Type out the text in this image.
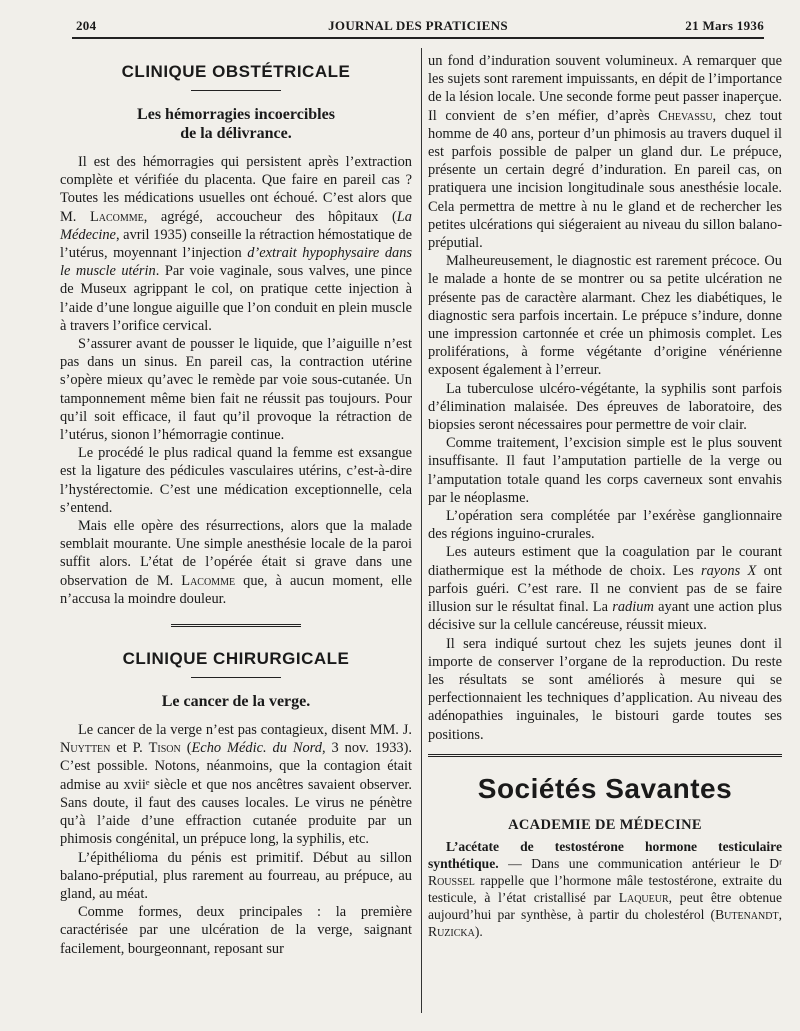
204	JOURNAL DES PRATICIENS	21 Mars 1936
CLINIQUE OBSTÉTRICALE
Les hémorragies incoercibles
de la délivrance.

Il est des hémorragies qui persistent après l’extraction complète et vérifiée du placenta. Que faire en pareil cas ? Toutes les médications usuelles ont échoué. C’est alors que M. Lacomme, agrégé, accoucheur des hôpitaux (La Médecine, avril 1935) conseille la rétraction hémostatique de l’utérus, moyennant l’injection d’extrait hypophysaire dans le muscle utérin. Par voie vaginale, sous valves, une pince de Museux agrippant le col, on pratique cette injection à l’aide d’une longue aiguille que l’on conduit en plein muscle à travers l’orifice cervical.

S’assurer avant de pousser le liquide, que l’aiguille n’est pas dans un sinus. En pareil cas, la contraction utérine s’opère mieux qu’avec le remède par voie sous-cutanée. Un tamponnement même bien fait ne réussit pas toujours. Pour qu’il soit efficace, il faut qu’il provoque la rétraction de l’utérus, sionon l’hémorragie continue.

Le procédé le plus radical quand la femme est exsangue est la ligature des pédicules vasculaires utérins, c’est-à-dire l’hystérectomie. C’est une médication exceptionnelle, cela s’entend.

Mais elle opère des résurrections, alors que la malade semblait mourante. Une simple anesthésie locale de la paroi suffit alors. L’état de l’opérée était si grave dans une observation de M. Lacomme que, à aucun moment, elle n’accusa la moindre douleur.

CLINIQUE CHIRURGICALE
Le cancer de la verge.

Le cancer de la verge n’est pas contagieux, disent MM. J. Nuytten et P. Tison (Echo Médic. du Nord, 3 nov. 1933). C’est possible. Notons, néanmoins, que la contagion était admise au xviiᵉ siècle et que nos ancêtres savaient observer. Sans doute, il faut des causes locales. Le virus ne pénètre qu’à l’aide d’une effraction cutanée produite par un phimosis congénital, un prépuce long, la syphilis, etc.

L’épithélioma du pénis est primitif. Début au sillon balano-préputial, plus rarement au fourreau, au prépuce, au gland, au méat.

Comme formes, deux principales : la première caractérisée par une ulcération de la verge, saignant facilement, bourgeonnant, reposant sur

un fond d’induration souvent volumineux. A remarquer que les sujets sont rarement impuissants, en dépit de l’importance de la lésion locale. Une seconde forme peut passer inaperçue. Il convient de s’en méfier, d’après Chevassu, chez tout homme de 40 ans, porteur d’un phimosis au travers duquel il est parfois possible de palper un gland dur. Le prépuce, présente un certain degré d’induration. En pareil cas, on pratiquera une incision longitudinale sous anesthésie locale. Cela permettra de mettre à nu le gland et de rechercher les petites ulcérations qui siégeraient au niveau du sillon balano-préputial.

Malheureusement, le diagnostic est rarement précoce. Ou le malade a honte de se montrer ou sa petite ulcération ne présente pas de caractère alarmant. Chez les diabétiques, le diagnostic sera parfois incertain. Le prépuce s’indure, donne une impression cartonnée et crée un phimosis complet. Les proliférations, à forme végétante d’origine vénérienne exposent également à l’erreur.

La tuberculose ulcéro-végétante, la syphilis sont parfois d’élimination malaisée. Des épreuves de laboratoire, des biopsies seront nécessaires pour permettre de voir clair.

Comme traitement, l’excision simple est le plus souvent insuffisante. Il faut l’amputation partielle de la verge ou l’amputation totale quand les corps caverneux sont envahis par le néoplasme.

L’opération sera complétée par l’exérèse ganglionnaire des régions inguino-crurales.

Les auteurs estiment que la coagulation par le courant diathermique est la méthode de choix. Les rayons X ont parfois guéri. C’est rare. Il ne convient pas de se faire illusion sur le résultat final. La radium ayant une action plus décisive sur la cellule cancéreuse, réussit mieux.

Il sera indiqué surtout chez les sujets jeunes dont il importe de conserver l’organe de la reproduction. Du reste les résultats se sont améliorés à mesure qui se perfectionnaient les techniques d’application. Au niveau des adénopathies inguinales, le bistouri garde toutes ses positions.

Sociétés Savantes
ACADEMIE DE MÉDECINE

L’acétate de testostérone hormone testiculaire synthétique. — Dans une communication antérieur le Dʳ Roussel rappelle que l’hormone mâle testostérone, extraite du testicule, à l’état cristallisé par Laqueur, peut être obtenue aujourd’hui par synthèse, à partir du cholestérol (Butenandt, Ruzicka).
